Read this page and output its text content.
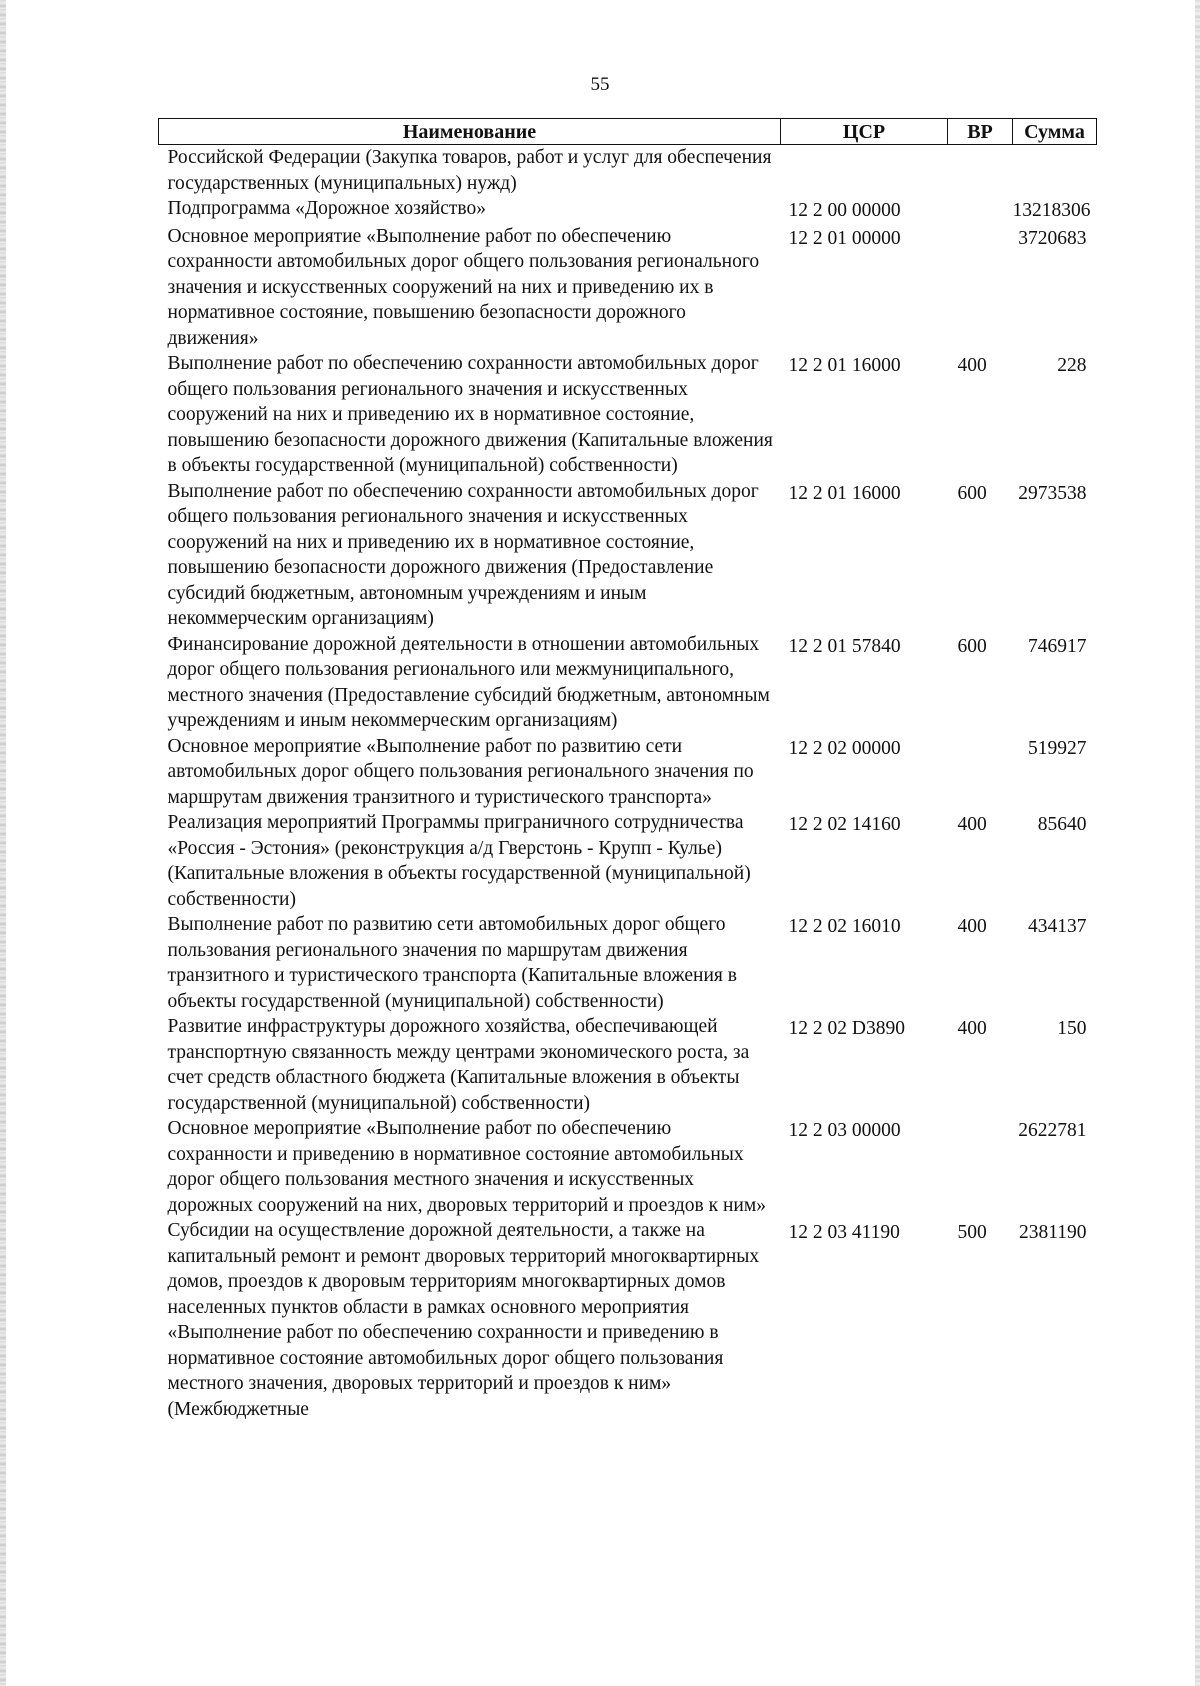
55
Наименование	ЦСР	ВР	Сумма
Российской Федерации (Закупка товаров, работ и услуг для обеспечения государственных (муниципальных) нужд)			
Подпрограмма «Дорожное хозяйство»	12 2 00 00000		13218306
Основное мероприятие «Выполнение работ по обеспечению сохранности автомобильных дорог общего пользования регионального значения и искусственных сооружений на них и приведению их в нормативное состояние, повышению безопасности дорожного движения»	12 2 01 00000		3720683
Выполнение работ по обеспечению сохранности автомобильных дорог общего пользования регионального значения и искусственных сооружений на них и приведению их в нормативное состояние, повышению безопасности дорожного движения (Капитальные вложения в объекты государственной (муниципальной) собственности)	12 2 01 16000	400	228
Выполнение работ по обеспечению сохранности автомобильных дорог общего пользования регионального значения и искусственных сооружений на них и приведению их в нормативное состояние, повышению безопасности дорожного движения (Предоставление субсидий бюджетным, автономным учреждениям и иным некоммерческим организациям)	12 2 01 16000	600	2973538
Финансирование дорожной деятельности в отношении автомобильных дорог общего пользования регионального или межмуниципального, местного значения (Предоставление субсидий бюджетным, автономным учреждениям и иным некоммерческим организациям)	12 2 01 57840	600	746917
Основное мероприятие «Выполнение работ по развитию сети автомобильных дорог общего пользования регионального значения по маршрутам движения транзитного и туристического транспорта»	12 2 02 00000		519927
Реализация мероприятий Программы приграничного сотрудничества «Россия - Эстония» (реконструкция а/д Гверстонь - Крупп - Кулье) (Капитальные вложения в объекты государственной (муниципальной) собственности)	12 2 02 14160	400	85640
Выполнение работ по развитию сети автомобильных дорог общего пользования регионального значения по маршрутам движения транзитного и туристического транспорта (Капитальные вложения в объекты государственной (муниципальной) собственности)	12 2 02 16010	400	434137
Развитие инфраструктуры дорожного хозяйства, обеспечивающей транспортную связанность между центрами экономического роста, за счет средств областного бюджета (Капитальные вложения в объекты государственной (муниципальной) собственности)	12 2 02 D3890	400	150
Основное мероприятие «Выполнение работ по обеспечению сохранности и приведению в нормативное состояние автомобильных дорог общего пользования местного значения и искусственных дорожных сооружений на них, дворовых территорий и проездов к ним»	12 2 03 00000		2622781
Субсидии на осуществление дорожной деятельности, а также на капитальный ремонт и ремонт дворовых территорий многоквартирных домов, проездов к дворовым территориям многоквартирных домов населенных пунктов области в рамках основного мероприятия «Выполнение работ по обеспечению сохранности и приведению в нормативное состояние автомобильных дорог общего пользования местного значения, дворовых территорий и проездов к ним» (Межбюджетные	12 2 03 41190	500	2381190
